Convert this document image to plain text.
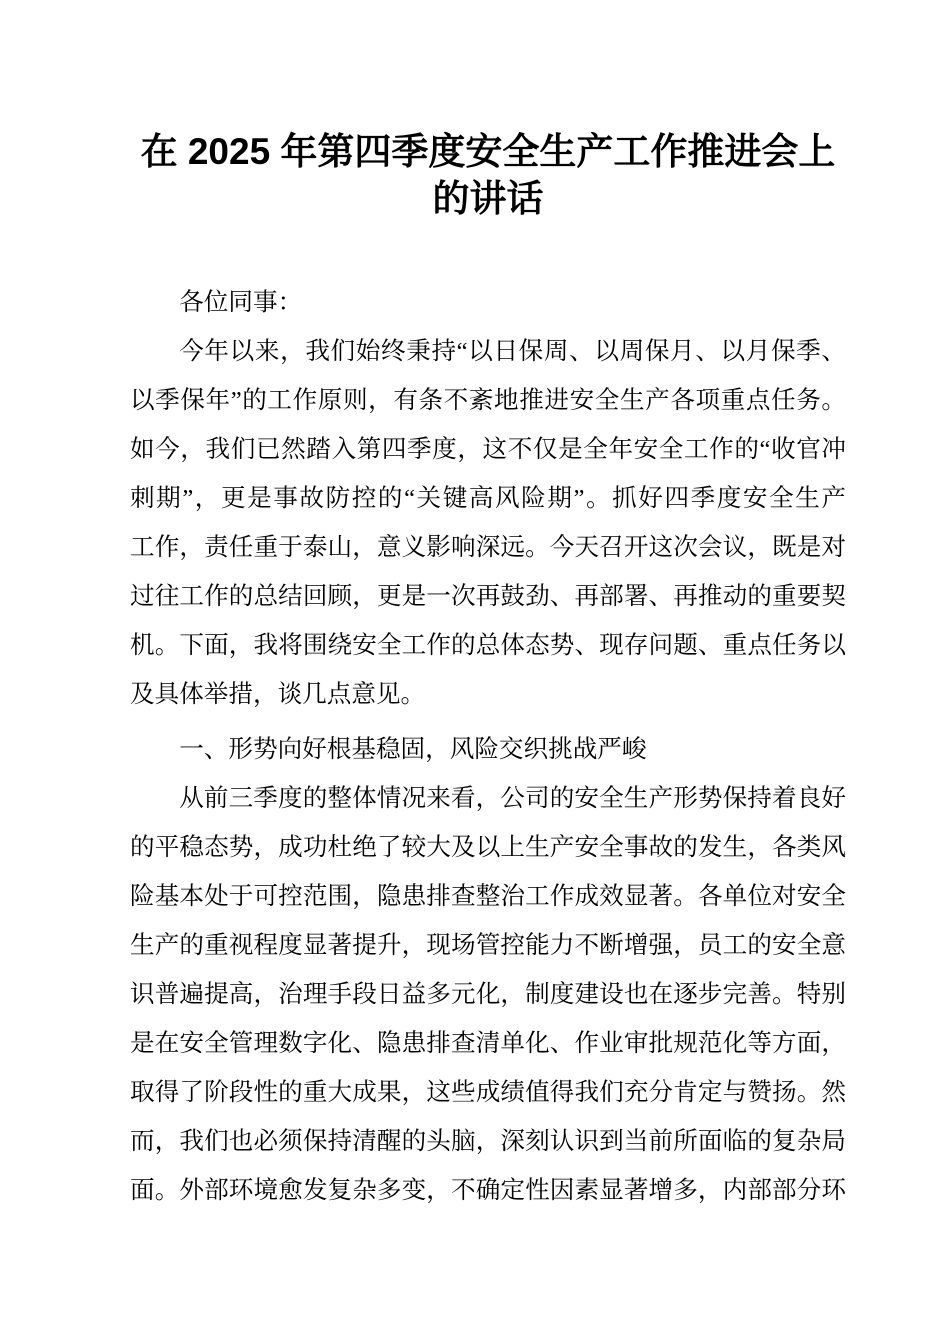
在 2025 年第四季度安全生产工作推进会上
的讲话
各位同事：
今年以来，我们始终秉持“以日保周、以周保月、以月保季、
以季保年”的工作原则，有条不紊地推进安全生产各项重点任务。
如今，我们已然踏入第四季度，这不仅是全年安全工作的“收官冲
刺期”，更是事故防控的“关键高风险期”。抓好四季度安全生产
工作，责任重于泰山，意义影响深远。今天召开这次会议，既是对
过往工作的总结回顾，更是一次再鼓劲、再部署、再推动的重要契
机。下面，我将围绕安全工作的总体态势、现存问题、重点任务以
及具体举措，谈几点意见。
一、形势向好根基稳固，风险交织挑战严峻
从前三季度的整体情况来看，公司的安全生产形势保持着良好
的平稳态势，成功杜绝了较大及以上生产安全事故的发生，各类风
险基本处于可控范围，隐患排查整治工作成效显著。各单位对安全
生产的重视程度显著提升，现场管控能力不断增强，员工的安全意
识普遍提高，治理手段日益多元化，制度建设也在逐步完善。特别
是在安全管理数字化、隐患排查清单化、作业审批规范化等方面，
取得了阶段性的重大成果，这些成绩值得我们充分肯定与赞扬。然
而，我们也必须保持清醒的头脑，深刻认识到当前所面临的复杂局
面。外部环境愈发复杂多变，不确定性因素显著增多，内部部分环
